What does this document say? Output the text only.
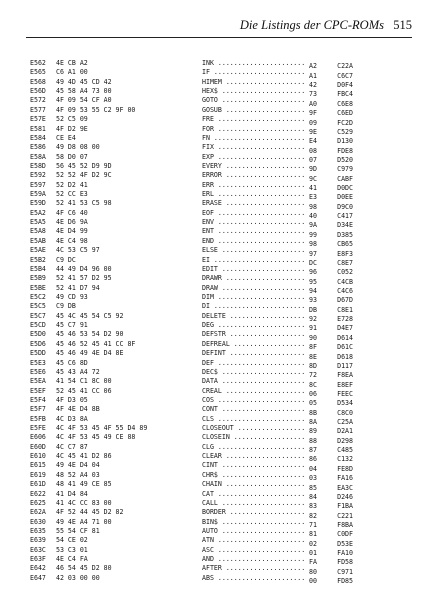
Die Listings der CPC-ROMs 515
E562 4E CB A2
E565 C6 A1 00
E568 49 4D 45 CD 42
E56D 45 58 A4 73 00
E572 4F 09 54 CF A0
E577 4F 09 53 55 C2 9F 00
E57E 52 C5 09
E581 4F D2 9E
E584 CE E4
E586 49 D8 08 00
E58A 58 D0 07
E58D 56 45 52 D9 9D
E592 52 52 4F D2 9C
E597 52 D2 41
E59A 52 CC E3
E59D 52 41 53 C5 98
E5A2 4F C6 40
E5A5 4E D6 9A
E5A8 4E D4 99
E5AB 4E C4 98
E5AE 4C 53 C5 97
E5B2 C9 DC
E5B4 44 49 D4 96 00
E5B9 52 41 57 D2 95
E5BE 52 41 D7 94
E5C2 49 CD 93
E5C5 C9 DB
E5C7 45 4C 45 54 C5 92
E5CD 45 C7 91
E5D0 45 46 53 54 D2 90
E5D6 45 46 52 45 41 CC 8F
E5DD 45 46 49 4E D4 8E
E5E3 45 C6 8D
E5E6 45 43 A4 72
E5EA 41 54 C1 8C 00
E5EF 52 45 41 CC 06
E5F4 4F D3 05
E5F7 4F 4E D4 8B
E5FB 4C D3 8A
E5FE 4C 4F 53 45 4F 55 D4 89
E606 4C 4F 53 45 49 CE 88
E60D 4C C7 87
E610 4C 45 41 D2 86
E615 49 4E D4 04
E619 48 52 A4 03
E61D 48 41 49 CE 85
E622 41 D4 84
E625 41 4C CC 83 00
E62A 4F 52 44 45 D2 82
E630 49 4E A4 71 00
E635 55 54 CF 81
E639 54 CE 02
E63C 53 C3 01
E63F 4E C4 FA
E642 46 54 45 D2 80
E647 42 03 00 00
INK ...................... A2	C22A
IF ....................... A1	C6C7
HIMEM .................... 42	D0F4
HEX$ ..................... 73	FBC4
GOTO ..................... A0	C6E8
GOSUB .................... 9F	C6ED
FRE ...................... 09	FC2D
FOR ...................... 9E	C529
FN ....................... E4	D130
FIX ...................... 08	FDE8
EXP ...................... 07	D520
EVERY .................... 9D	C979
ERROR .................... 9C	CABF
ERR ...................... 41	D0DC
ERL ...................... E3	D0EE
ERASE .................... 98	D9C0
EOF ...................... 40	C417
ENV ...................... 9A	D34E
ENT ...................... 99	D385
END ...................... 98	CB65
ELSE ..................... 97	E8F3
EI ....................... DC	C8E7
EDIT ..................... 96	C052
DRAWR .................... 95	C4CB
DRAW ..................... 94	C4C6
DIM ...................... 93	D67D
DI ....................... DB	C8E1
DELETE ................... 92	E728
DEG ...................... 91	D4E7
DEFSTR ................... 90	D614
DEFREAL .................. 8F	D61C
DEFINT ................... 8E	D618
DEF ...................... 8D	D117
DEC$ ..................... 72	F8EA
DATA ..................... 8C	E8EF
CREAL .................... 06	FEEC
COS ...................... 05	D534
CONT ..................... 8B	C8C0
CLS ...................... 8A	C25A
CLOSEOUT ................. 89	D2A1
CLOSEIN .................. 88	D298
CLG ...................... 87	C485
CLEAR .................... 86	C132
CINT ..................... 04	FE8D
CHR$ ..................... 03	FA16
CHAIN .................... 85	EA3C
CAT ...................... 84	D246
CALL ..................... 83	F1BA
BORDER ................... 82	C221
BIN$ ..................... 71	F8BA
AUTO ..................... 81	C0DF
ATN ...................... 02	D53E
ASC ...................... 01	FA10
AND ...................... FA	FD58
AFTER .................... 80	C971
ABS ...................... 00	FD85
